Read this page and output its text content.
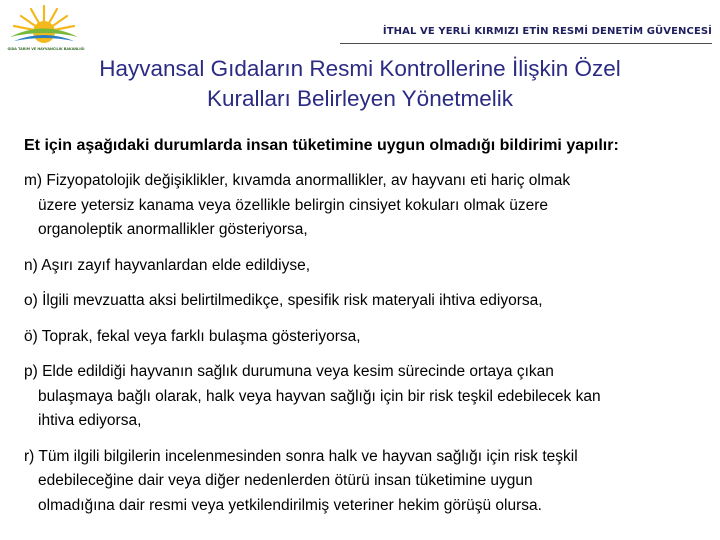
GIDA TARIM VE HAYVANCILIK BAKANLIĞI
İTHAL VE YERLİ KIRMIZI ETİN RESMİ DENETİM GÜVENCESİ
Hayvansal Gıdaların Resmi Kontrollerine İlişkin Özel
Kuralları Belirleyen Yönetmelik
Et için aşağıdaki durumlarda insan tüketimine uygun olmadığı bildirimi yapılır:
m) Fizyopatolojik değişiklikler, kıvamda anormallikler, av hayvanı eti hariç olmak
üzere yetersiz kanama veya özellikle belirgin cinsiyet kokuları olmak üzere
organoleptik anormallikler gösteriyorsa,
n) Aşırı zayıf hayvanlardan elde edildiyse,
o) İlgili mevzuatta aksi belirtilmedikçe, spesifik risk materyali ihtiva ediyorsa,
ö) Toprak, fekal veya farklı bulaşma gösteriyorsa,
p) Elde edildiği hayvanın sağlık durumuna veya kesim sürecinde ortaya çıkan
bulaşmaya bağlı olarak, halk veya hayvan sağlığı için bir risk teşkil edebilecek kan
ihtiva ediyorsa,
r) Tüm ilgili bilgilerin incelenmesinden sonra halk ve hayvan sağlığı için risk teşkil
edebileceğine dair veya diğer nedenlerden ötürü insan tüketimine uygun
olmadığına dair resmi veya yetkilendirilmiş veteriner hekim görüşü olursa.
